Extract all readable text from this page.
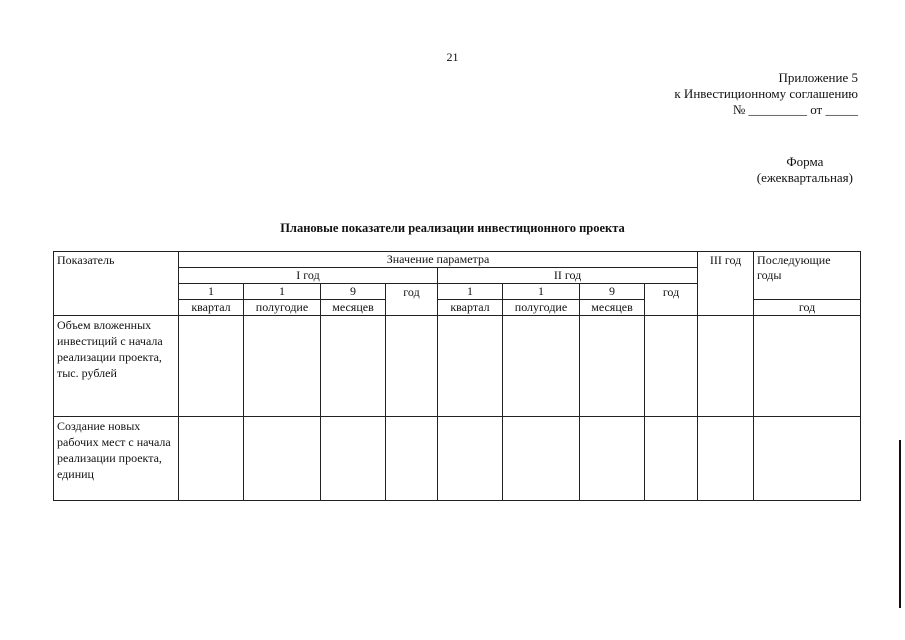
21
Приложение 5
к Инвестиционному соглашению
№ _________ от _____
Форма
(ежеквартальная)
Плановые показатели реализации инвестиционного проекта
Показатель	Значение параметра								III год	Последующие годы
	I год				II год					
	1	1	9	год	1	1	9	год		
	квартал	полугодие	месяцев		квартал	полугодие	месяцев			год
Объем вложенных инвестиций с начала реализации проекта, тыс. рублей										
Создание новых рабочих мест с начала реализации проекта, единиц										
